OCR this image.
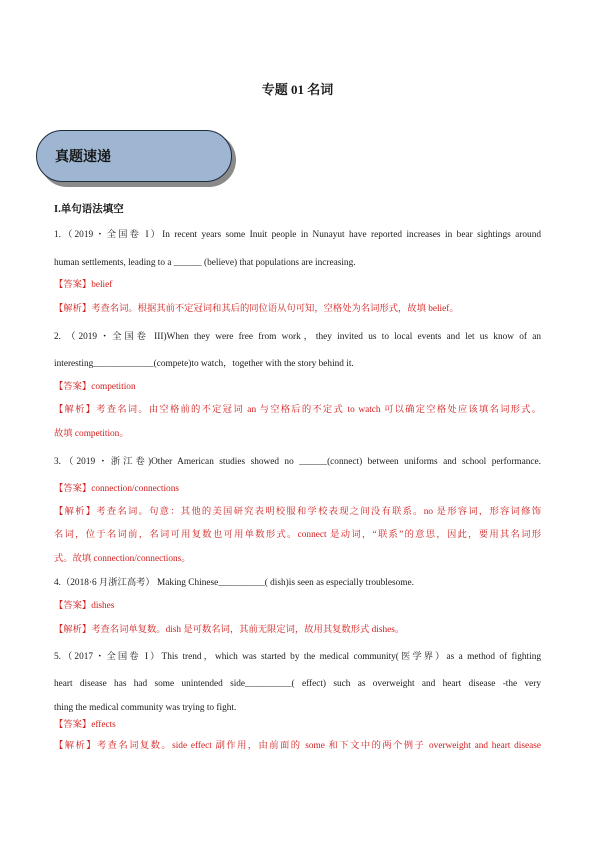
专题 01 名词
真题速递
I.单句语法填空
1.（2019・全国卷 I）In recent years some Inuit people in Nunayut have reported increases in bear sightings around
human settlements, leading to a ______ (believe) that populations are increasing.
【答案】belief
【解析】考查名词。根据其前不定冠词和其后的同位语从句可知，空格处为名词形式，故填 belief。
2. （2019・全国卷 III)When they were free from work，they invited us to local events and let us know of an
interesting_____________(compete)to watch，together with the story behind it.
【答案】competition
【解析】考查名词。由空格前的不定冠词 an 与空格后的不定式 to watch 可以确定空格处应该填名词形式。
故填 competition。
3.（2019・浙江卷)Other American studies showed no ______(connect) between uniforms and school performance.
【答案】connection/connections
【解析】考查名词。句意：其他的美国研究表明校服和学校表现之间没有联系。no 是形容词，形容词修饰
名词，位于名词前，名词可用复数也可用单数形式。connect 是动词，“联系”的意思，因此，要用其名词形
式。故填 connection/connections。
4.（2018·6 月浙江高考） Making Chinese__________( dish)is seen as especially troublesome.
【答案】dishes
【解析】考查名词单复数。dish 是可数名词，其前无限定词，故用其复数形式 dishes。
5.（2017・全国卷 I）This trend，which was started by the medical community(医学界）as a method of fighting
heart disease has had some unintended side__________( effect) such as overweight and heart disease -the very
thing the medical community was trying to fight.
【答案】effects
【解析】考查名词复数。side effect 副作用，由前面的 some 和下文中的两个例子 overweight and heart disease
